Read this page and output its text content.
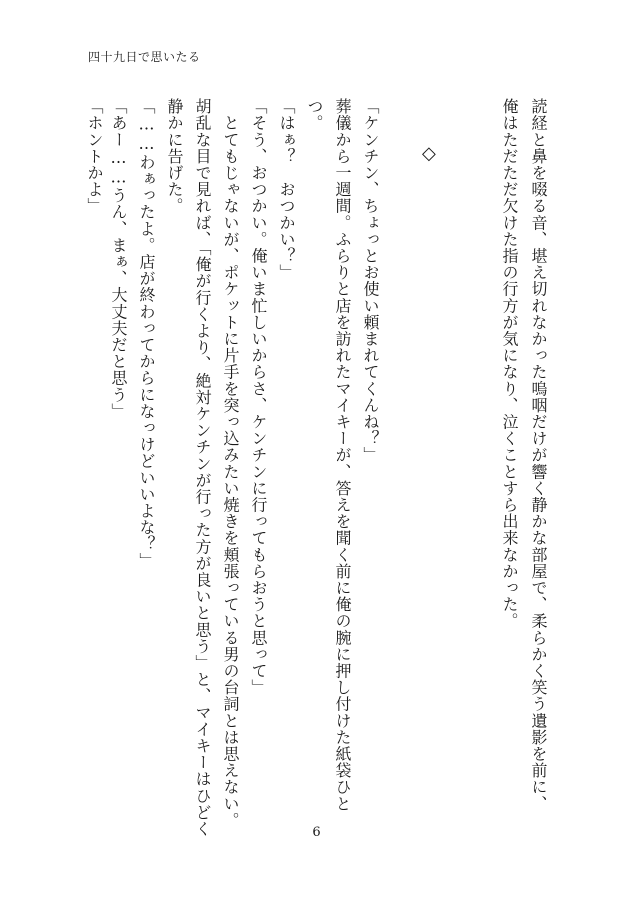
四十九日で思いたる
読経と鼻を啜る音、堪え切れなかった嗚咽だけが響く静かな部屋で、柔らかく笑う遺影を前に、
俺はただただ欠けた指の行方が気になり、泣くことすら出来なかった。
◇
「ケンチン、ちょっとお使い頼まれてくんね？」
葬儀から一週間。ふらりと店を訪れたマイキーが、答えを聞く前に俺の腕に押し付けた紙袋ひと
つ。
「はぁ？　おつかい？」
「そう、おつかい。俺いま忙しいからさ、ケンチンに行ってもらおうと思って」
　とてもじゃないが、ポケットに片手を突っ込みたい焼きを頬張っている男の台詞とは思えない。
胡乱な目で見れば、「俺が行くより、絶対ケンチンが行った方が良いと思う」と、マイキーはひどく
静かに告げた。
「……わぁったよ。店が終わってからになっけどいいよな？」
「あー……うん、まぁ、大丈夫だと思う」
「ホントかよ」
6
